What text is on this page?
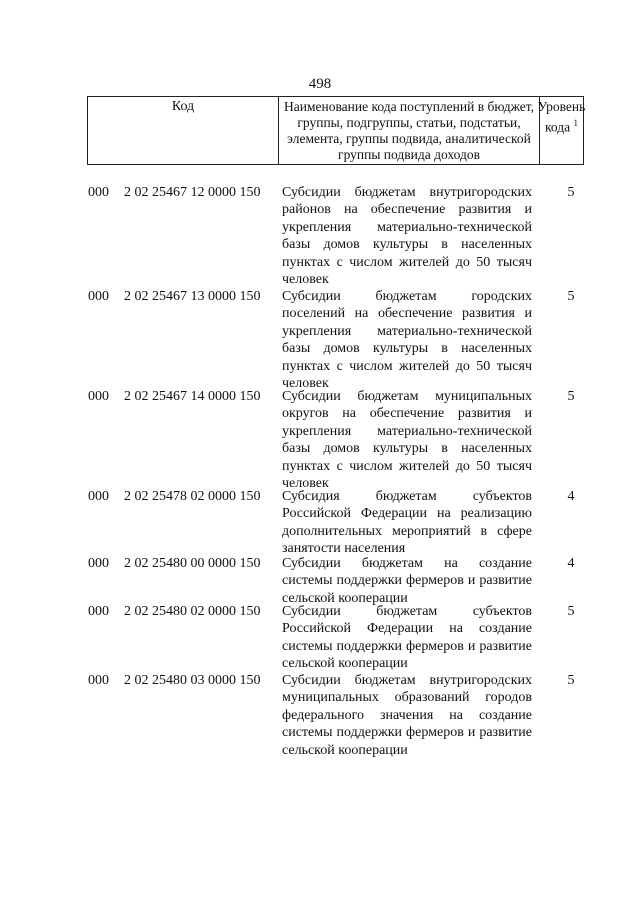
498
Код	Наименование кода поступлений в бюджет, группы, подгруппы, статьи, подстатьи, элемента, группы подвида, аналитической группы подвида доходов
Уровень кода $^1$
000 2 02 25467 12 0000 150 Субсидии бюджетам внутригородских районов на обеспечение развития и укрепления материально-технической базы домов культуры в населенных пунктах с числом жителей до 50 тысяч человек
5
000 2 02 25467 13 0000 150 Субсидии бюджетам городских поселений на обеспечение развития и укрепления материально-технической базы домов культуры в населенных пунктах с числом жителей до 50 тысяч человек
5
000 2 02 25467 14 0000 150 Субсидии бюджетам муниципальных округов на обеспечение развития и укрепления материально-технической базы домов культуры в населенных пунктах с числом жителей до 50 тысяч человек
5
000 2 02 25478 02 0000 150 Субсидия бюджетам субъектов Российской Федерации на реализацию дополнительных мероприятий в сфере занятости населения
4
000 2 02 25480 00 0000 150 Субсидии бюджетам на создание системы поддержки фермеров и развитие сельской кооперации
4
000 2 02 25480 02 0000 150 Субсидии бюджетам субъектов Российской Федерации на создание системы поддержки фермеров и развитие сельской кооперации
5
000 2 02 25480 03 0000 150 Субсидии бюджетам внутригородских муниципальных образований городов федерального значения на создание системы поддержки фермеров и развитие сельской кооперации
5
